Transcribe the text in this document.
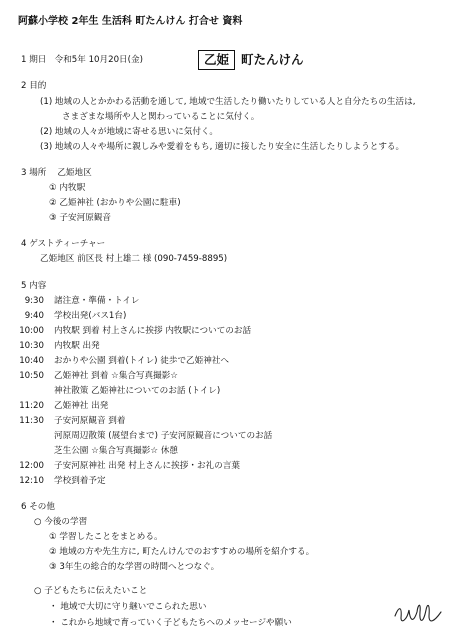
阿蘇小学校 2年生 生活科 町たんけん 打合せ 資料
1 期日 令和5年 10月20日(金)	乙姫 町たんけん
2 目的
(1) 地域の人とかかわる活動を通して, 地域で生活したり働いたりしている人と自分たちの生活は,
さまざまな場所や人と関わっていることに気付く。
(2) 地域の人々が地域に寄せる思いに気付く。
(3) 地域の人々や場所に親しみや愛着をもち, 適切に接したり安全に生活したりしようとする。
3 場所 乙姫地区
① 内牧駅
② 乙姫神社 (おかりや公園に駐車)
③ 子安河原観音
4 ゲストティーチャー
乙姫地区 前区長 村上雄二 様 (090-7459-8895)
5 内容
9:30 諸注意・準備・トイレ
9:40 学校出発(バス1台)
10:00 内牧駅 到着 村上さんに挨拶 内牧駅についてのお話
10:30 内牧駅 出発
10:40 おかりや公園 到着(トイレ) 徒歩で乙姫神社へ
10:50 乙姫神社 到着 ☆集合写真撮影☆
神社散策 乙姫神社についてのお話 (トイレ)
11:20 乙姫神社 出発
11:30 子安河原観音 到着
河原周辺散策 (展望台まで) 子安河原観音についてのお話
芝生公園 ☆集合写真撮影☆ 休憩
12:00 子安河原神社 出発 村上さんに挨拶・お礼の言葉
12:10 学校到着予定
6 その他
○ 今後の学習
① 学習したことをまとめる。
② 地域の方や先生方に, 町たんけんでのおすすめの場所を紹介する。
③ 3年生の総合的な学習の時間へとつなぐ。
○ 子どもたちに伝えたいこと
・ 地域で大切に守り継いでこられた思い
・ これから地域で育っていく子どもたちへのメッセージや願い
